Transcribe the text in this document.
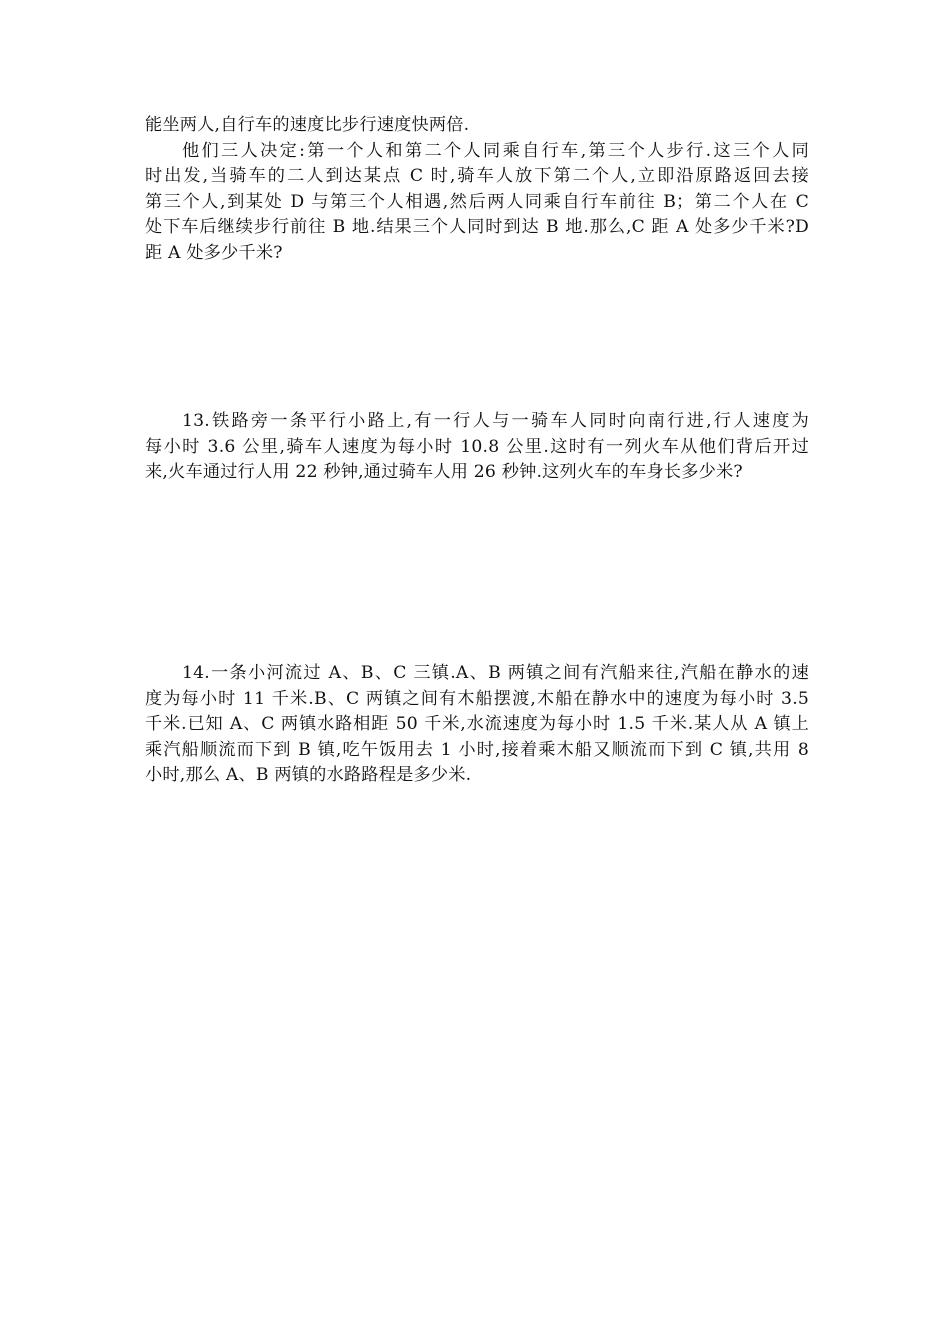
能坐两人,自行车的速度比步行速度快两倍.
他们三人决定:第一个人和第二个人同乘自行车,第三个人步行.这三个人同
时出发,当骑车的二人到达某点 C 时,骑车人放下第二个人,立即沿原路返回去接
第三个人,到某处 D 与第三个人相遇,然后两人同乘自行车前往 B；第二个人在 C
处下车后继续步行前往 B 地.结果三个人同时到达 B 地.那么,C 距 A 处多少千米?D
距 A 处多少千米?
13.铁路旁一条平行小路上,有一行人与一骑车人同时向南行进,行人速度为
每小时 3.6 公里,骑车人速度为每小时 10.8 公里.这时有一列火车从他们背后开过
来,火车通过行人用 22 秒钟,通过骑车人用 26 秒钟.这列火车的车身长多少米?
14.一条小河流过 A、B、C 三镇.A、B 两镇之间有汽船来往,汽船在静水的速
度为每小时 11 千米.B、C 两镇之间有木船摆渡,木船在静水中的速度为每小时 3.5
千米.已知 A、C 两镇水路相距 50 千米,水流速度为每小时 1.5 千米.某人从 A 镇上
乘汽船顺流而下到 B 镇,吃午饭用去 1 小时,接着乘木船又顺流而下到 C 镇,共用 8
小时,那么 A、B 两镇的水路路程是多少米.
